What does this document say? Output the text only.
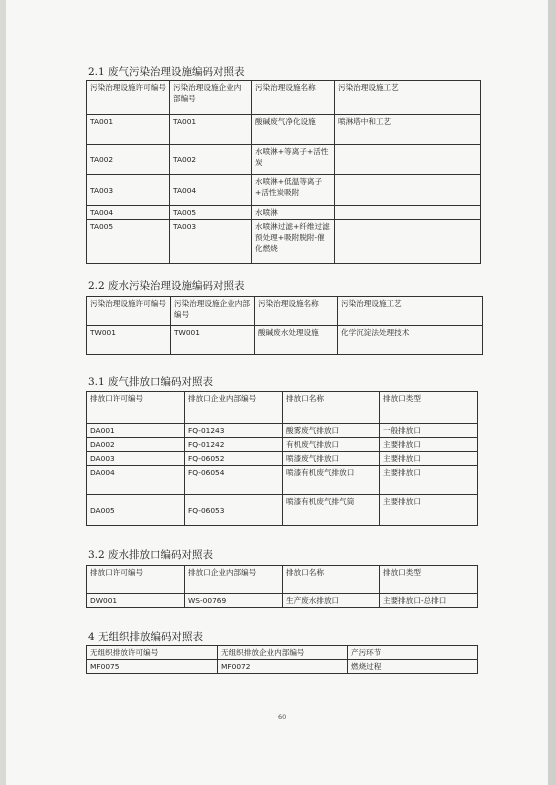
2.1 废气污染治理设施编码对照表
污染治理设施许可编号	污染治理设施企业内部编号	污染治理设施名称	污染治理设施工艺
TA001	TA001	酸碱废气净化设施	喷淋塔中和工艺
TA002	TA002	水喷淋+等离子+活性炭	
TA003	TA004	水喷淋+低温等离子+活性炭吸附	
TA004	TA005	水喷淋	
TA005	TA003	水喷淋过滤+纤维过滤预处理+吸附脱附-催化燃烧	
2.2 废水污染治理设施编码对照表
污染治理设施许可编号	污染治理设施企业内部编号	污染治理设施名称	污染治理设施工艺
TW001	TW001	酸碱废水处理设施	化学沉淀法处理技术
3.1 废气排放口编码对照表
排放口许可编号	排放口企业内部编号	排放口名称	排放口类型
DA001	FQ-01243	酸雾废气排放口	一般排放口
DA002	FQ-01242	有机废气排放口	主要排放口
DA003	FQ-06052	喷漆废气排放口	主要排放口
DA004	FQ-06054	喷漆有机废气排放口	主要排放口
DA005	FQ-06053	喷漆有机废气排气筒	主要排放口
3.2 废水排放口编码对照表
排放口许可编号	排放口企业内部编号	排放口名称	排放口类型
DW001	WS-00769	生产废水排放口	主要排放口-总排口
4 无组织排放编码对照表
无组织排放许可编号	无组织排放企业内部编号	产污环节
MF0075	MF0072	燃烧过程
60
